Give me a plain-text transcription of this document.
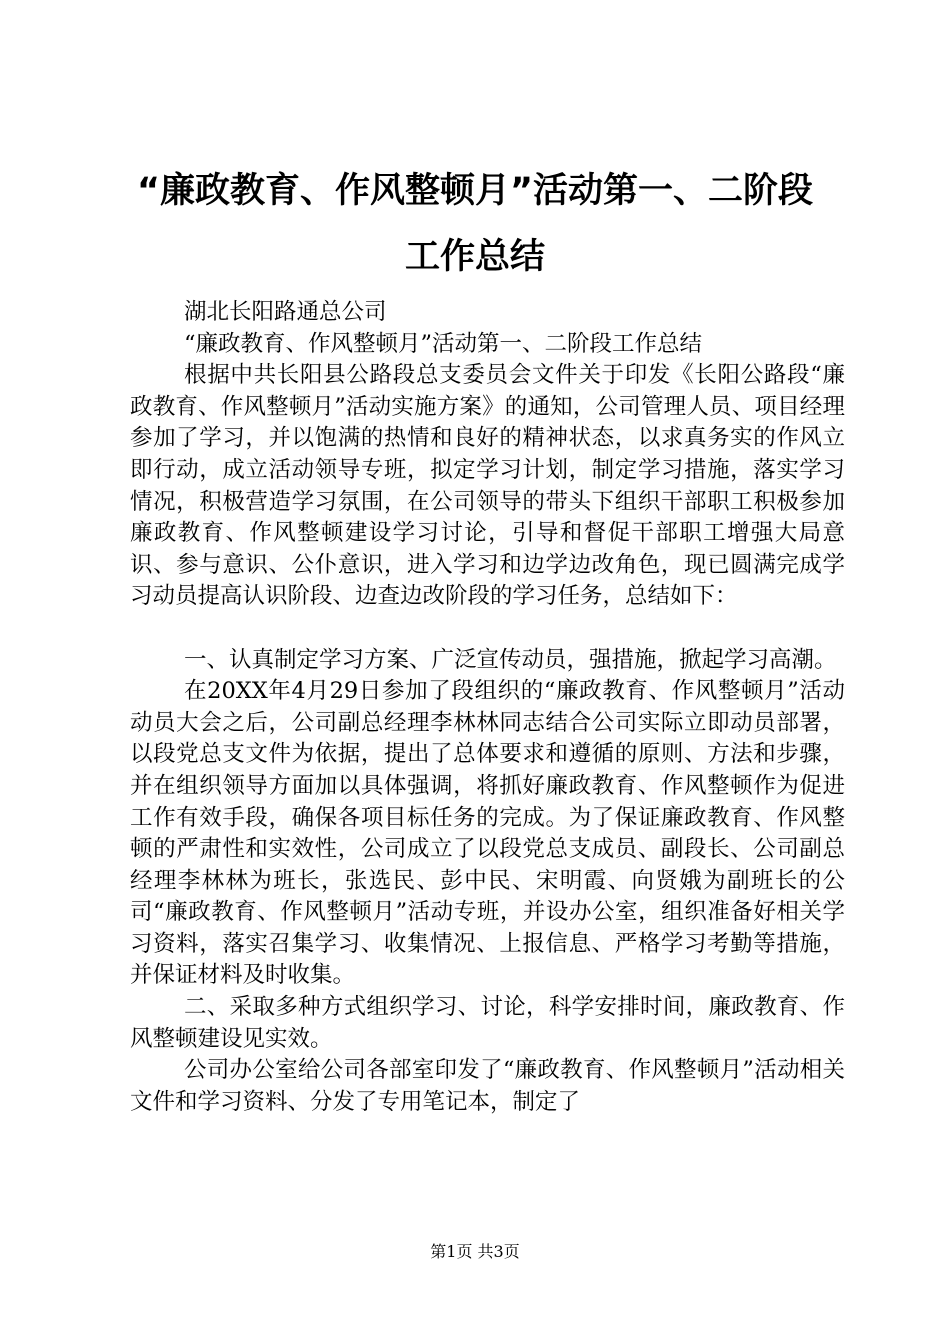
“廉政教育、作风整顿月”活动第一、二阶段
工作总结

湖北长阳路通总公司

“廉政教育、作风整顿月”活动第一、二阶段工作总结

根据中共长阳县公路段总支委员会文件关于印发《长阳公路段“廉政教育、作风整顿月”活动实施方案》的通知，公司管理人员、项目经理参加了学习，并以饱满的热情和良好的精神状态，以求真务实的作风立即行动，成立活动领导专班，拟定学习计划，制定学习措施，落实学习情况，积极营造学习氛围，在公司领导的带头下组织干部职工积极参加廉政教育、作风整顿建设学习讨论，引导和督促干部职工增强大局意识、参与意识、公仆意识，进入学习和边学边改角色，现已圆满完成学习动员提高认识阶段、边查边改阶段的学习任务，总结如下：

一、认真制定学习方案、广泛宣传动员，强措施，掀起学习高潮。

在20XX年4月29日参加了段组织的“廉政教育、作风整顿月”活动动员大会之后，公司副总经理李林林同志结合公司实际立即动员部署，以段党总支文件为依据，提出了总体要求和遵循的原则、方法和步骤，并在组织领导方面加以具体强调，将抓好廉政教育、作风整顿作为促进工作有效手段，确保各项目标任务的完成。为了保证廉政教育、作风整顿的严肃性和实效性，公司成立了以段党总支成员、副段长、公司副总经理李林林为班长，张选民、彭中民、宋明霞、向贤娥为副班长的公司“廉政教育、作风整顿月”活动专班，并设办公室，组织准备好相关学习资料，落实召集学习、收集情况、上报信息、严格学习考勤等措施，并保证材料及时收集。

二、采取多种方式组织学习、讨论，科学安排时间，廉政教育、作风整顿建设见实效。

公司办公室给公司各部室印发了“廉政教育、作风整顿月”活动相关文件和学习资料、分发了专用笔记本，制定了

第1页 共3页
